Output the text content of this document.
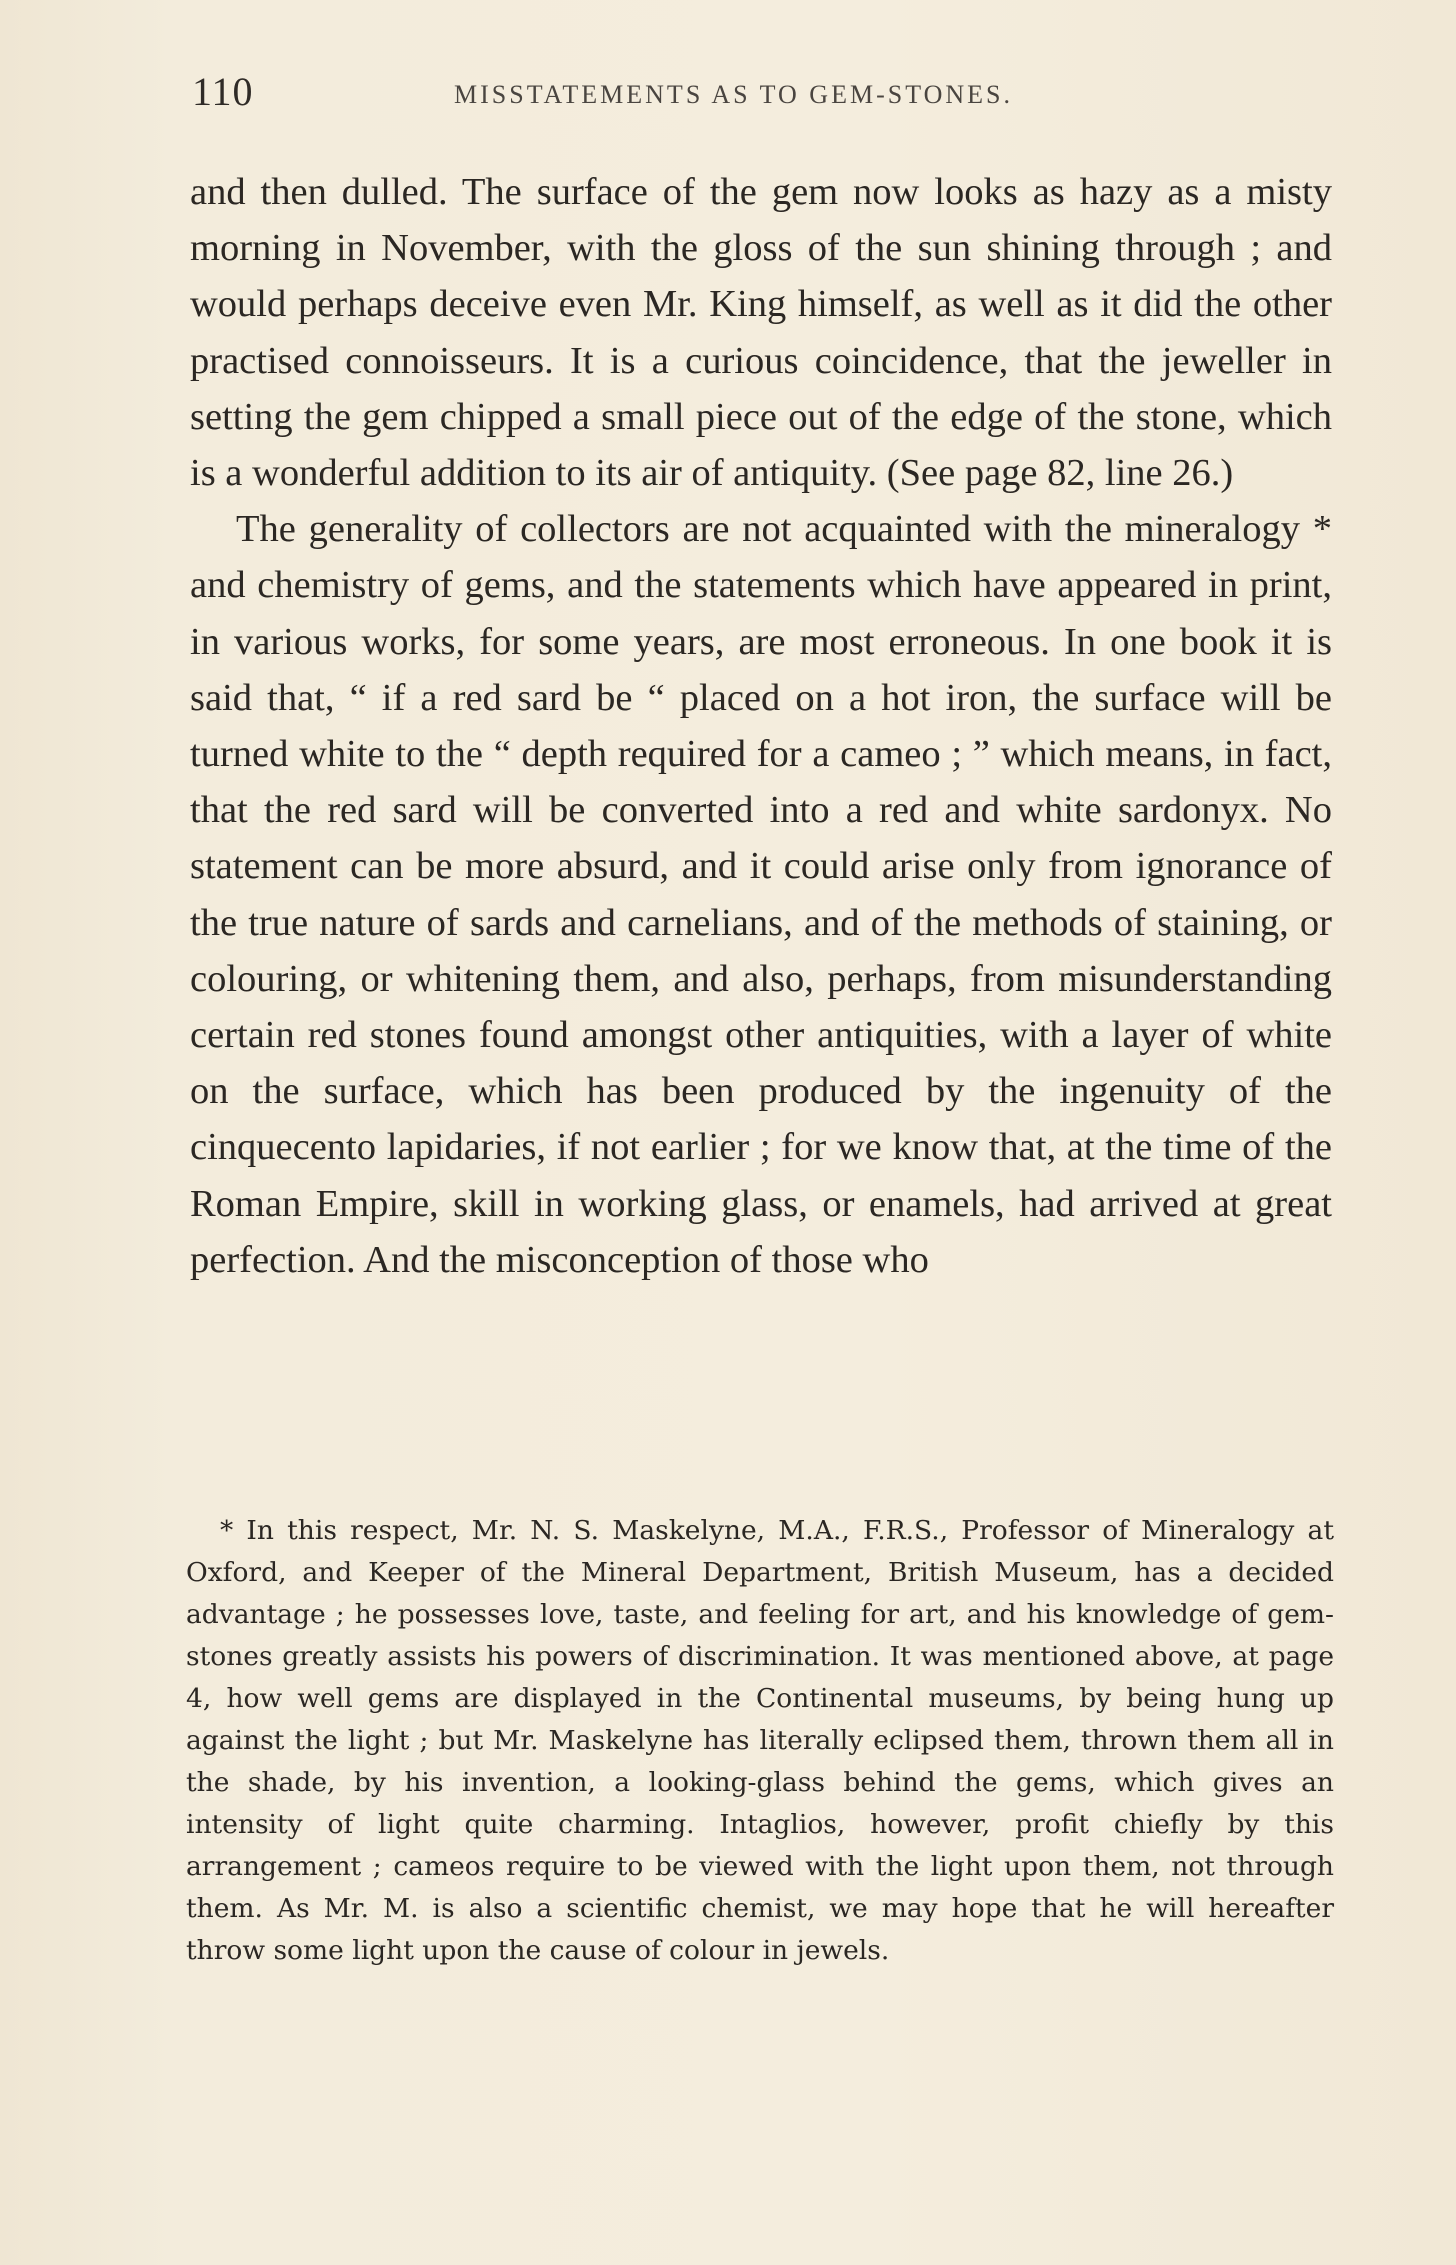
110	MISSTATEMENTS AS TO GEM-STONES.

and then dulled. The surface of the gem now looks as hazy as a misty morning in November, with the gloss of the sun shining through ; and would perhaps deceive even Mr. King himself, as well as it did the other practised connoisseurs. It is a curious coincidence, that the jeweller in setting the gem chipped a small piece out of the edge of the stone, which is a wonderful addition to its air of antiquity. (See page 82, line 26.)

The generality of collectors are not acquainted with the mineralogy * and chemistry of gems, and the statements which have appeared in print, in various works, for some years, are most erroneous. In one book it is said that, “ if a red sard be “ placed on a hot iron, the surface will be turned white to the “ depth required for a cameo ; ” which means, in fact, that the red sard will be converted into a red and white sardonyx. No statement can be more absurd, and it could arise only from ignorance of the true nature of sards and carnelians, and of the methods of staining, or colouring, or whitening them, and also, perhaps, from misunderstanding certain red stones found amongst other antiquities, with a layer of white on the surface, which has been produced by the ingenuity of the cinquecento lapidaries, if not earlier ; for we know that, at the time of the Roman Empire, skill in working glass, or enamels, had arrived at great perfection. And the misconception of those who

* In this respect, Mr. N. S. Maskelyne, M.A., F.R.S., Professor of Mineralogy at Oxford, and Keeper of the Mineral Department, British Museum, has a decided advantage ; he possesses love, taste, and feeling for art, and his knowledge of gem-stones greatly assists his powers of discrimination. It was mentioned above, at page 4, how well gems are displayed in the Continental museums, by being hung up against the light ; but Mr. Maskelyne has literally eclipsed them, thrown them all in the shade, by his invention, a looking-glass behind the gems, which gives an intensity of light quite charming. Intaglios, however, profit chiefly by this arrangement ; cameos require to be viewed with the light upon them, not through them. As Mr. M. is also a scientific chemist, we may hope that he will hereafter throw some light upon the cause of colour in jewels.
